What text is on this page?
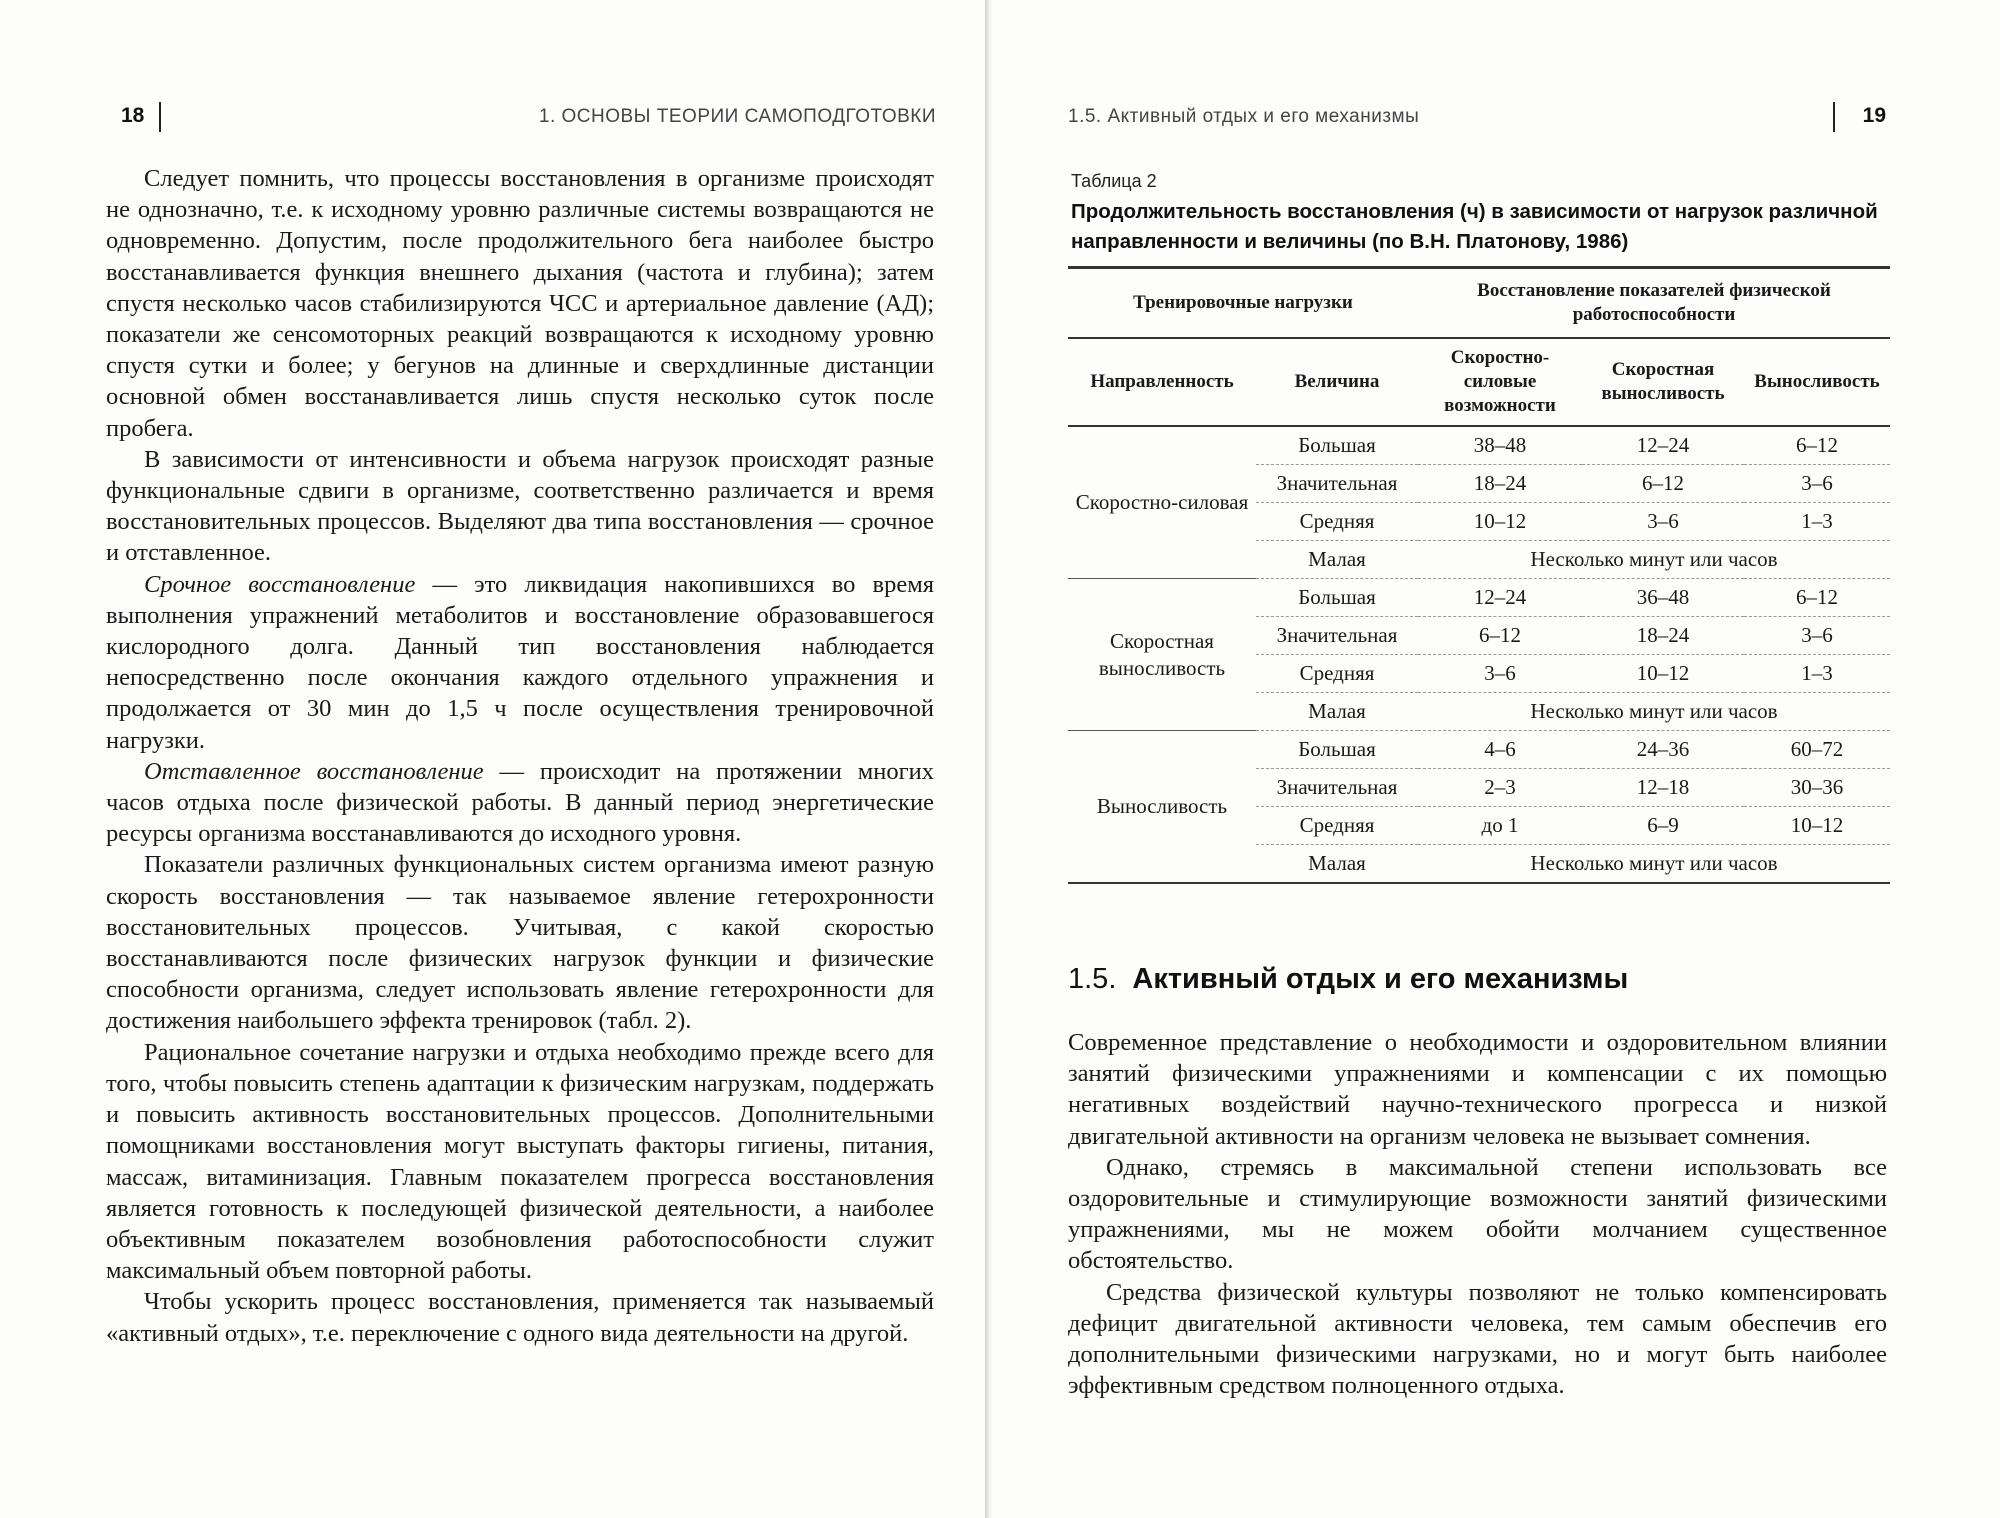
18	1. ОСНОВЫ ТЕОРИИ САМОПОДГОТОВКИ

Следует помнить, что процессы восстановления в организме происходят не однозначно, т.е. к исходному уровню различные системы возвращаются не одновременно. Допустим, после продолжительного бега наиболее быстро восстанавливается функция внешнего дыхания (частота и глубина); затем спустя несколько часов стабилизируются ЧСС и артериальное давление (АД); показатели же сенсомоторных реакций возвращаются к исходному уровню спустя сутки и более; у бегунов на длинные и сверхдлинные дистанции основной обмен восстанавливается лишь спустя несколько суток после пробега.

В зависимости от интенсивности и объема нагрузок происходят разные функциональные сдвиги в организме, соответственно различается и время восстановительных процессов. Выделяют два типа восстановления — срочное и отставленное.

Срочное восстановление — это ликвидация накопившихся во время выполнения упражнений метаболитов и восстановление образовавшегося кислородного долга. Данный тип восстановления наблюдается непосредственно после окончания каждого отдельного упражнения и продолжается от 30 мин до 1,5 ч после осуществления тренировочной нагрузки.

Отставленное восстановление — происходит на протяжении многих часов отдыха после физической работы. В данный период энергетические ресурсы организма восстанавливаются до исходного уровня.

Показатели различных функциональных систем организма имеют разную скорость восстановления — так называемое явление гетерохронности восстановительных процессов. Учитывая, с какой скоростью восстанавливаются после физических нагрузок функции и физические способности организма, следует использовать явление гетерохронности для достижения наибольшего эффекта тренировок (табл. 2).

Рациональное сочетание нагрузки и отдыха необходимо прежде всего для того, чтобы повысить степень адаптации к физическим нагрузкам, поддержать и повысить активность восстановительных процессов. Дополнительными помощниками восстановления могут выступать факторы гигиены, питания, массаж, витаминизация. Главным показателем прогресса восстановления является готовность к последующей физической деятельности, а наиболее объективным показателем возобновления работоспособности служит максимальный объем повторной работы.

Чтобы ускорить процесс восстановления, применяется так называемый «активный отдых», т.е. переключение с одного вида деятельности на другой.

1.5. Активный отдых и его механизмы	19
Таблица 2
Продолжительность восстановления (ч) в зависимости от нагрузок различной направленности и величины (по В.Н. Платонову, 1986)
Тренировочные нагрузки		Восстановление показателей физической работоспособности		
Направленность	Величина	Скоростно-силовые возможности	Скоростная выносливость	Выносливость
Скоростно-силовая	Большая	38–48	12–24	6–12
	Значительная	18–24	6–12	3–6
	Средняя	10–12	3–6	1–3
	Малая	Несколько минут или часов		
Скоростная выносливость	Большая	12–24	36–48	6–12
	Значительная	6–12	18–24	3–6
	Средняя	3–6	10–12	1–3
	Малая	Несколько минут или часов		
Выносливость	Большая	4–6	24–36	60–72
	Значительная	2–3	12–18	30–36
	Средняя	до 1	6–9	10–12
	Малая	Несколько минут или часов		
1.5. Активный отдых и его механизмы

Современное представление о необходимости и оздоровительном влиянии занятий физическими упражнениями и компенсации с их помощью негативных воздействий научно-технического прогресса и низкой двигательной активности на организм человека не вызывает сомнения.

Однако, стремясь в максимальной степени использовать все оздоровительные и стимулирующие возможности занятий физическими упражнениями, мы не можем обойти молчанием существенное обстоятельство.

Средства физической культуры позволяют не только компенсировать дефицит двигательной активности человека, тем самым обеспечив его дополнительными физическими нагрузками, но и могут быть наиболее эффективным средством полноценного отдыха.
